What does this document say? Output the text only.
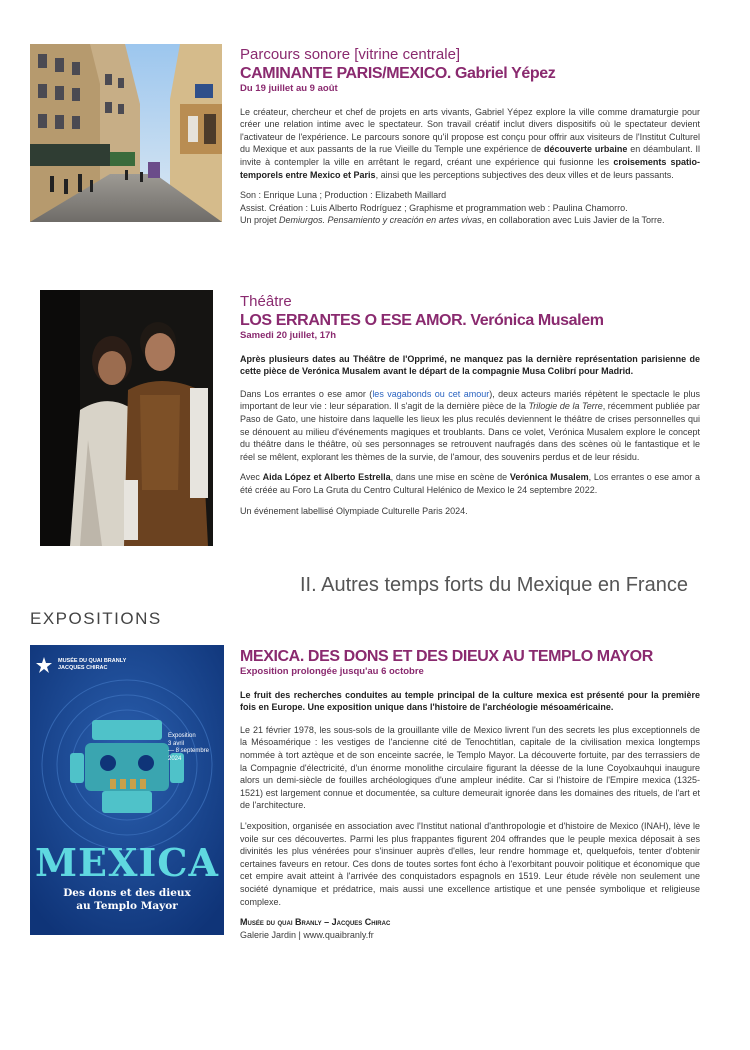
Parcours sonore [vitrine centrale]

CAMINANTE PARIS/MEXICO. Gabriel Yépez

Du 19 juillet au 9 août

Le créateur, chercheur et chef de projets en arts vivants, Gabriel Yépez explore la ville comme dramaturgie pour créer une relation intime avec le spectateur. Son travail créatif inclut divers dispositifs où le spectateur devient l'activateur de l'expérience. Le parcours sonore qu'il propose est conçu pour offrir aux visiteurs de l'Institut Culturel du Mexique et aux passants de la rue Vieille du Temple une expérience de découverte urbaine en déambulant. Il invite à contempler la ville en arrêtant le regard, créant une expérience qui fusionne les croisements spatio-temporels entre Mexico et Paris, ainsi que les perceptions subjectives des deux villes et de leurs passants.

Son : Enrique Luna ; Production : Elizabeth Maillard

Assist. Création : Luis Alberto Rodríguez ; Graphisme et programmation web : Paulina Chamorro.

Un projet Demiurgos. Pensamiento y creación en artes vivas, en collaboration avec Luis Javier de la Torre.

Théâtre

LOS ERRANTES O ESE AMOR. Verónica Musalem

Samedi 20 juillet, 17h

Après plusieurs dates au Théâtre de l'Opprimé, ne manquez pas la dernière représentation parisienne de cette pièce de Verónica Musalem avant le départ de la compagnie Musa Colibrí pour Madrid.

Dans Los errantes o ese amor (les vagabonds ou cet amour), deux acteurs mariés répètent le spectacle le plus important de leur vie : leur séparation. Il s'agit de la dernière pièce de la Trilogie de la Terre, récemment publiée par Paso de Gato, une histoire dans laquelle les lieux les plus reculés deviennent le théâtre de crises personnelles qui se dénouent au milieu d'événements magiques et troublants. Dans ce volet, Verónica Musalem explore le concept du théâtre dans le théâtre, où ses personnages se retrouvent naufragés dans des scènes où le fantastique et le réel se mêlent, explorant les thèmes de la survie, de l'amour, des souvenirs perdus et de leur résidu.

Avec Aida López et Alberto Estrella, dans une mise en scène de Verónica Musalem, Los errantes o ese amor a été créée au Foro La Gruta du Centro Cultural Helénico de Mexico le 24 septembre 2022.

Un événement labellisé Olympiade Culturelle Paris 2024.

II. Autres temps forts du Mexique en France

EXPOSITIONS

MUSÉE DU QUAI BRANLY
JACQUES CHIRAC
Exposition
3 avril
— 8 septembre
2024
MEXICA
Des dons et des dieux
au Templo Mayor

MEXICA. DES DONS ET DES DIEUX AU TEMPLO MAYOR

Exposition prolongée jusqu'au 6 octobre

Le fruit des recherches conduites au temple principal de la culture mexica est présenté pour la première fois en Europe. Une exposition unique dans l'histoire de l'archéologie mésoaméricaine.

Le 21 février 1978, les sous-sols de la grouillante ville de Mexico livrent l'un des secrets les plus exceptionnels de la Mésoamérique : les vestiges de l'ancienne cité de Tenochtitlan, capitale de la civilisation mexica longtemps nommée à tort aztèque et de son enceinte sacrée, le Templo Mayor. La découverte fortuite, par des terrassiers de la Compagnie d'électricité, d'un énorme monolithe circulaire figurant la déesse de la lune Coyolxauhqui inaugure alors un demi-siècle de fouilles archéologiques d'une ampleur inédite. Car si l'histoire de l'Empire mexica (1325-1521) est largement connue et documentée, sa culture demeurait ignorée dans les domaines des rituels, de l'art et de l'architecture.

L'exposition, organisée en association avec l'Institut national d'anthropologie et d'histoire de Mexico (INAH), lève le voile sur ces découvertes. Parmi les plus frappantes figurent 204 offrandes que le peuple mexica déposait à ses divinités les plus vénérées pour s'insinuer auprès d'elles, leur rendre hommage et, quelquefois, tenter d'obtenir certaines faveurs en retour. Ces dons de toutes sortes font écho à l'exorbitant pouvoir politique et économique que cet empire avait atteint à l'arrivée des conquistadors espagnols en 1519. Leur étude révèle non seulement une société dynamique et prédatrice, mais aussi une excellence artistique et une pensée symbolique et religieuse complexe.

Musée du quai Branly – Jacques Chirac

Galerie Jardin | www.quaibranly.fr
